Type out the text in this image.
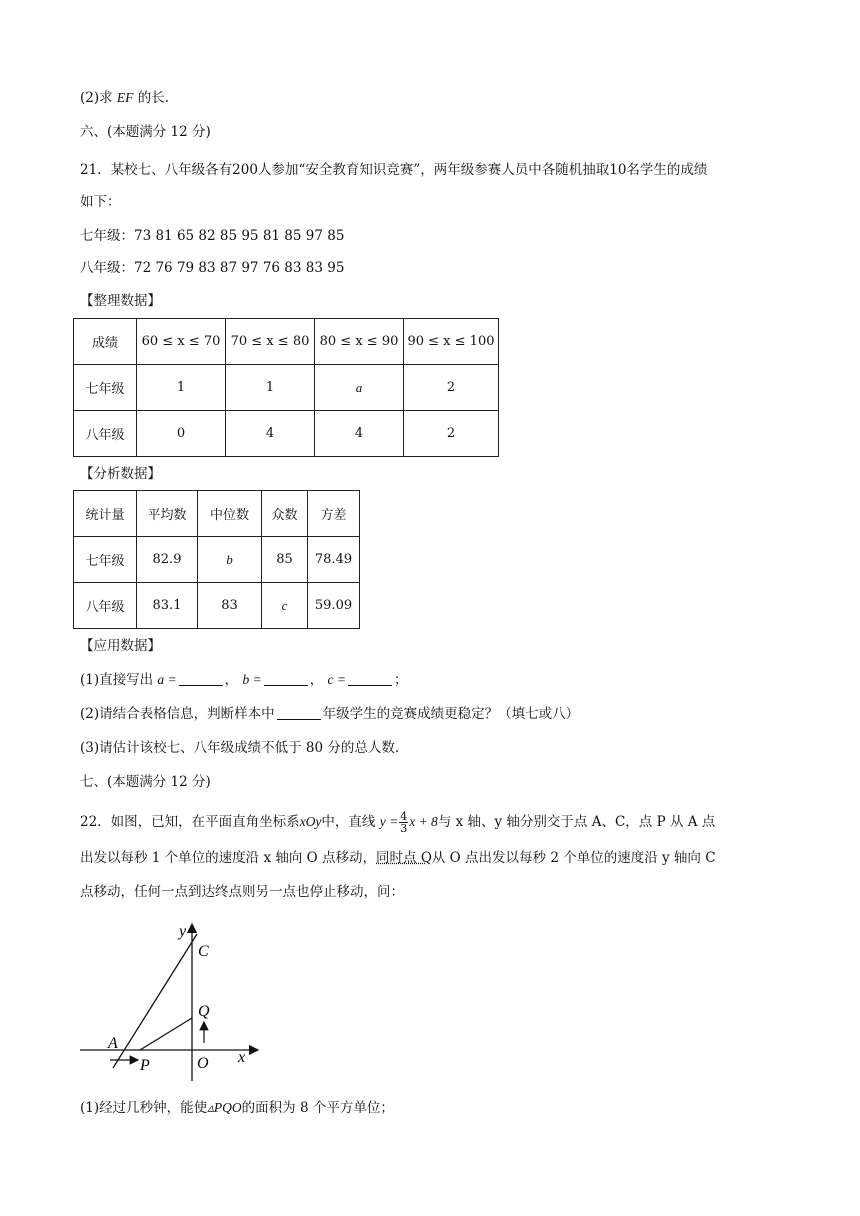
(2)求 EF 的长.
六、(本题满分 12 分)
21．某校七、八年级各有200人参加“安全教育知识竞赛”，两年级参赛人员中各随机抽取10名学生的成绩
如下：
七年级：73 81 65 82 85 95 81 85 97 85
八年级：72 76 79 83 87 97 76 83 83 95
【整理数据】
成绩	60 ≤ x ≤ 70	70 ≤ x ≤ 80	80 ≤ x ≤ 90	90 ≤ x ≤ 100
七年级	1	1	a	2
八年级	0	4	4	2
【分析数据】
统计量	平均数	中位数	众数	方差
七年级	82.9	b	85	78.49
八年级	83.1	83	c	59.09
【应用数据】
(1)直接写出 a =	， b =	， c =	；
(2)请结合表格信息，判断样本中	年级学生的竞赛成绩更稳定？（填七或八）
(3)请估计该校七、八年级成绩不低于 80 分的总人数.
七、(本题满分 12 分)
22．如图，已知，在平面直角坐标系xOy中，直线 $y = \frac{4}{3}$ x + 8与 x 轴、y 轴分别交于点 A、C，点 P 从 A 点
出发以每秒 1 个单位的速度沿 x 轴向 O 点移动，同时点 Q从 O 点出发以每秒 2 个单位的速度沿 y 轴向 C
点移动，任何一点到达终点则另一点也停止移动，问：
y
C
Q
A
x
P	O
(1)经过几秒钟，能使▵PQO的面积为 8 个平方单位；
